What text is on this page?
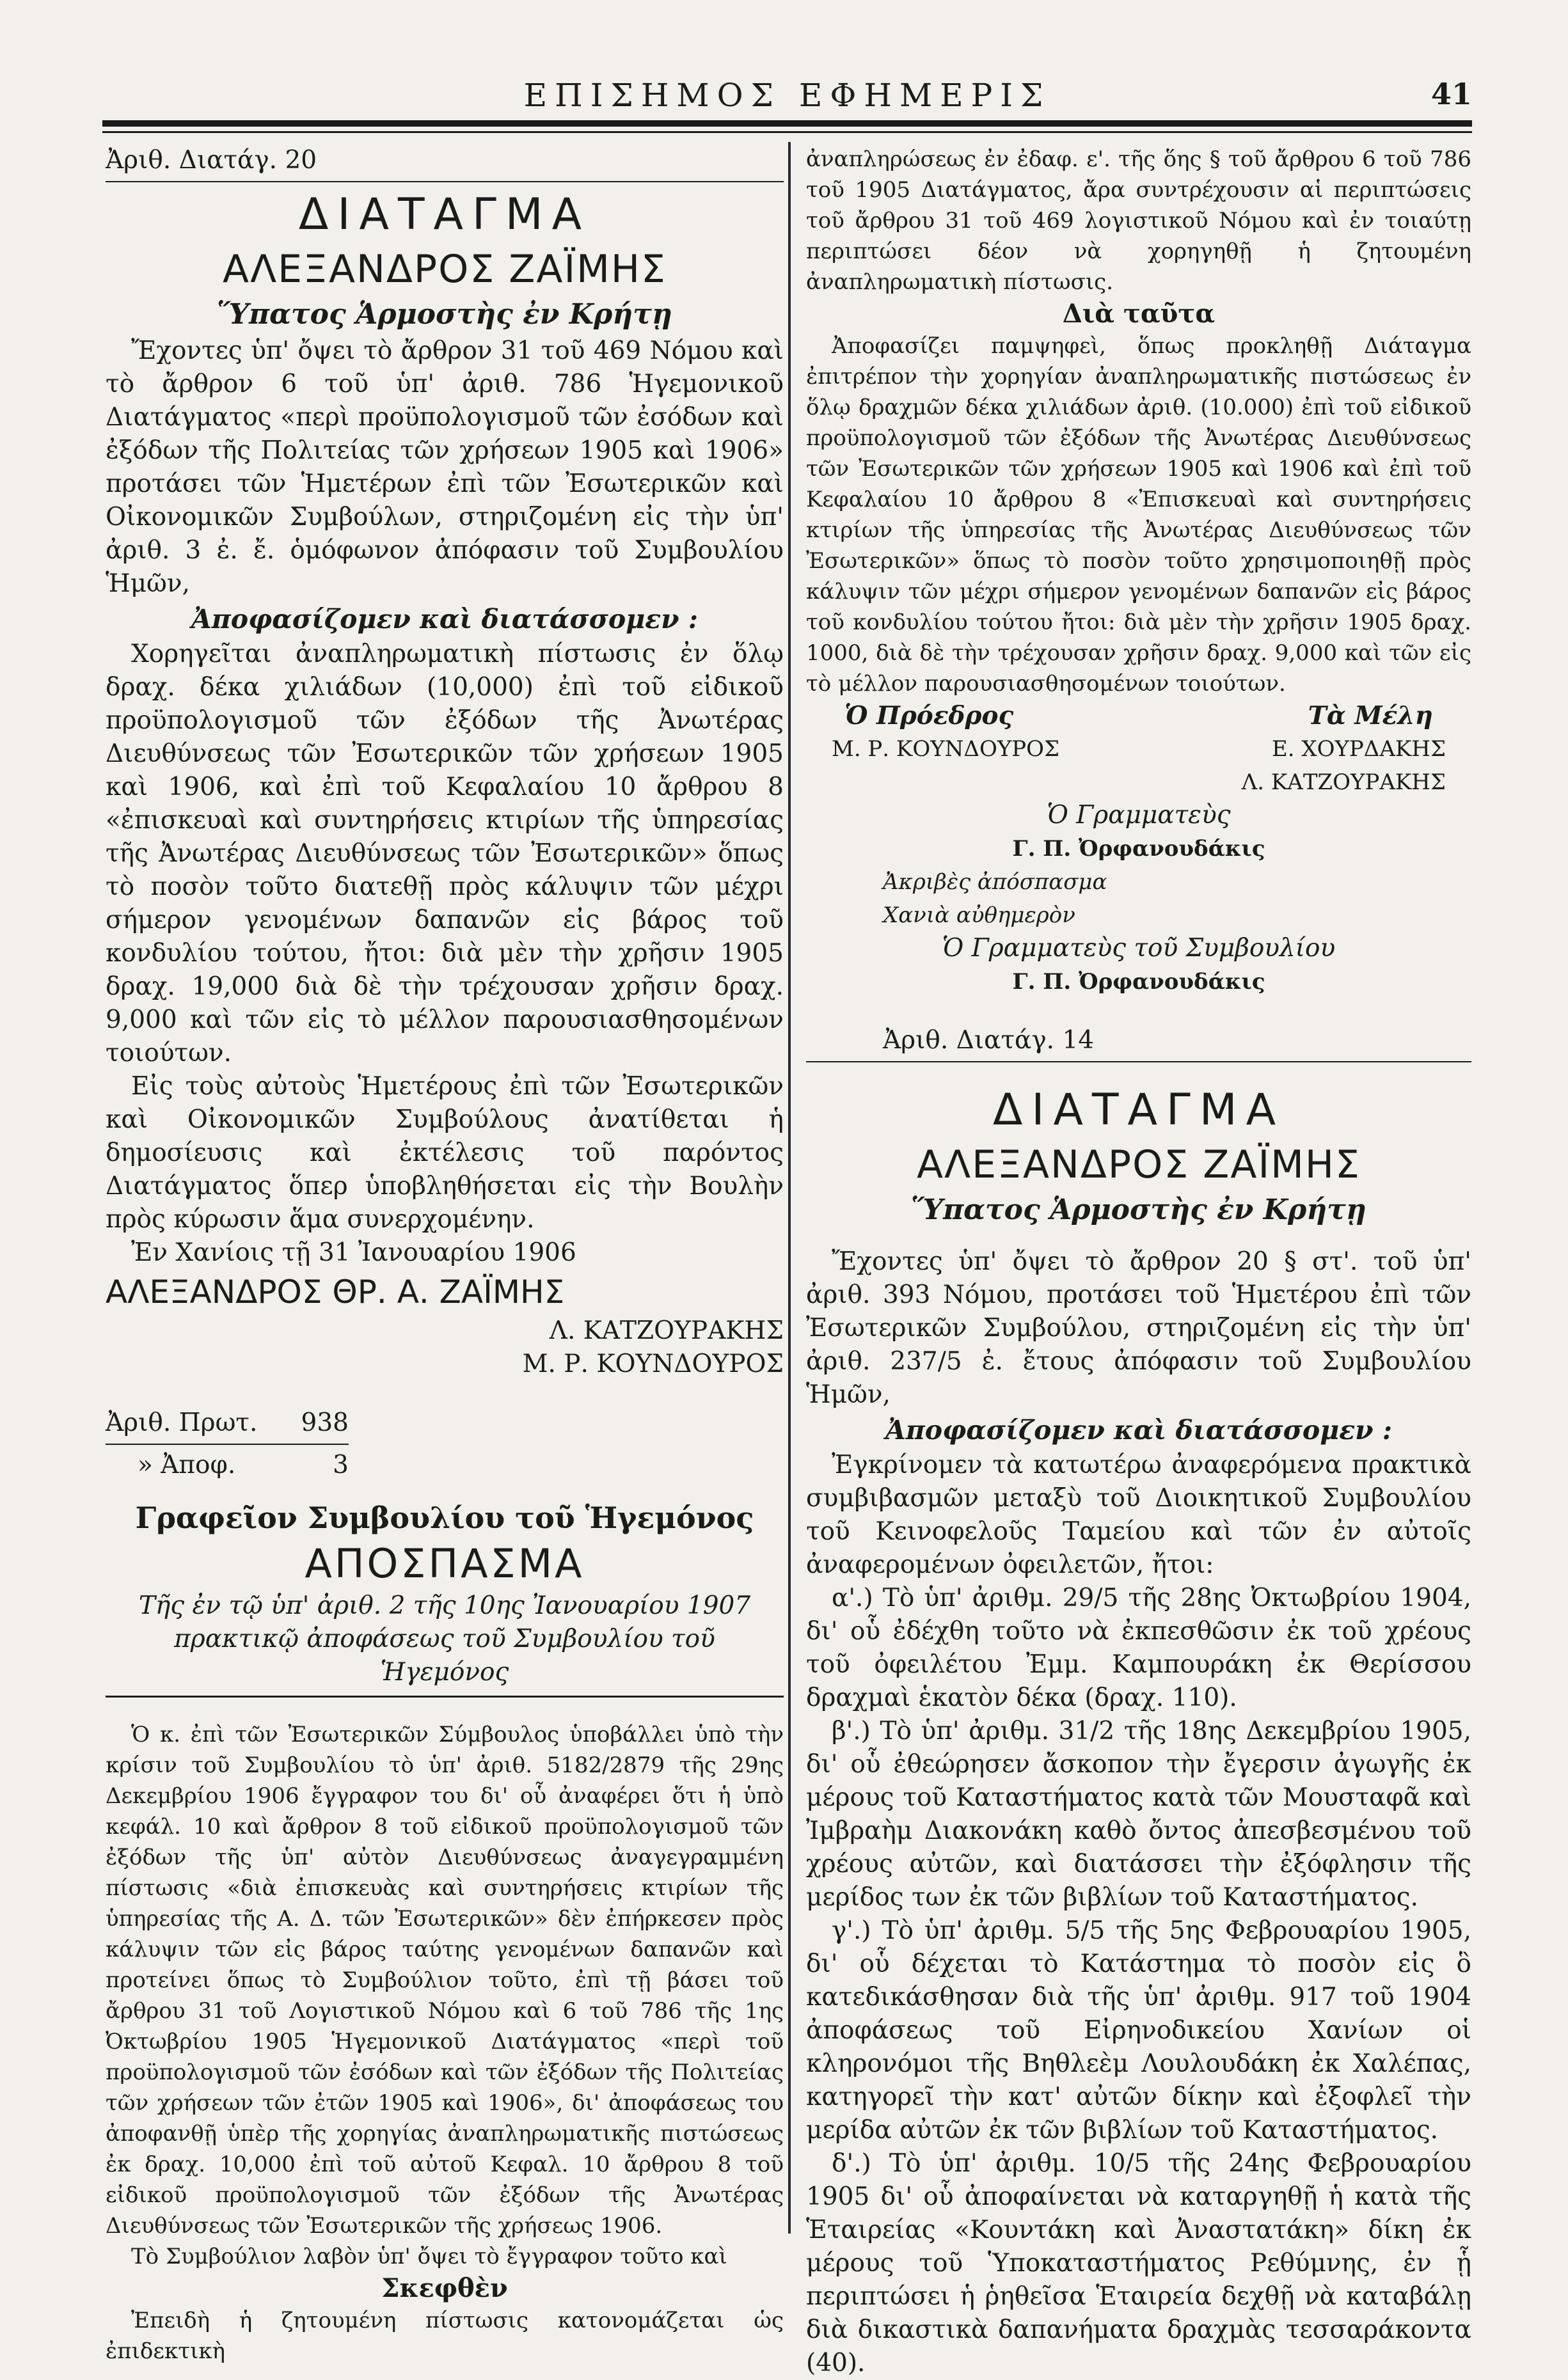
ΕΠΙΣΗΜΟΣ ΕΦΗΜΕΡΙΣ	41

Ἀριθ. Διατάγ. 20

ΔΙΑΤΑΓΜΑ

ΑΛΕΞΑΝΔΡΟΣ ΖΑΪΜΗΣ

Ὕπατος Ἁρμοστὴς ἐν Κρήτῃ

Ἔχοντες ὑπ' ὄψει τὸ ἄρθρον 31 τοῦ 469 Νόμου καὶ τὸ ἄρθρον 6 τοῦ ὑπ' ἀριθ. 786 Ἡγεμονικοῦ Διατάγματος «περὶ προϋπολογισμοῦ τῶν ἐσόδων καὶ ἐξόδων τῆς Πολιτείας τῶν χρήσεων 1905 καὶ 1906» προτάσει τῶν Ἡμετέρων ἐπὶ τῶν Ἐσωτερικῶν καὶ Οἰκονομικῶν Συμβούλων, στηριζομένη εἰς τὴν ὑπ' ἀριθ. 3 ἐ. ἔ. ὁμόφωνον ἀπόφασιν τοῦ Συμβουλίου Ἡμῶν,

Ἀποφασίζομεν καὶ διατάσσομεν :

Χορηγεῖται ἀναπληρωματικὴ πίστωσις ἐν ὅλῳ δραχ. δέκα χιλιάδων (10,000) ἐπὶ τοῦ εἰδικοῦ προϋπολογισμοῦ τῶν ἐξόδων τῆς Ἀνωτέρας Διευθύνσεως τῶν Ἐσωτερικῶν τῶν χρήσεων 1905 καὶ 1906, καὶ ἐπὶ τοῦ Κεφαλαίου 10 ἄρθρου 8 «ἐπισκευαὶ καὶ συντηρήσεις κτιρίων τῆς ὑπηρεσίας τῆς Ἀνωτέρας Διευθύνσεως τῶν Ἐσωτερικῶν» ὅπως τὸ ποσὸν τοῦτο διατεθῇ πρὸς κάλυψιν τῶν μέχρι σήμερον γενομένων δαπανῶν εἰς βάρος τοῦ κονδυλίου τούτου, ἤτοι: διὰ μὲν τὴν χρῆσιν 1905 δραχ. 19,000 διὰ δὲ τὴν τρέχουσαν χρῆσιν δραχ. 9,000 καὶ τῶν εἰς τὸ μέλλον παρουσιασθησομένων τοιούτων.

Εἰς τοὺς αὐτοὺς Ἡμετέρους ἐπὶ τῶν Ἐσωτερικῶν καὶ Οἰκονομικῶν Συμβούλους ἀνατίθεται ἡ δημοσίευσις καὶ ἐκτέλεσις τοῦ παρόντος Διατάγματος ὅπερ ὑποβληθήσεται εἰς τὴν Βουλὴν πρὸς κύρωσιν ἅμα συνερχομένην.

Ἐν Χανίοις τῇ 31 Ἰανουαρίου 1906

ΑΛΕΞΑΝΔΡΟΣ ΘΡ. Α. ΖΑΪΜΗΣ

Λ. ΚΑΤΖΟΥΡΑΚΗΣ

Μ. Ρ. ΚΟΥΝΔΟΥΡΟΣ

Ἀριθ. Πρωτ. 938
» Ἀποφ.	3

Γραφεῖον Συμβουλίου τοῦ Ἡγεμόνος

ΑΠΟΣΠΑΣΜΑ

Τῆς ἐν τῷ ὑπ' ἀριθ. 2 τῆς 10ης Ἰανουαρίου 1907 πρακτικῷ ἀποφάσεως τοῦ Συμβουλίου τοῦ Ἡγεμόνος

Ὁ κ. ἐπὶ τῶν Ἐσωτερικῶν Σύμβουλος ὑποβάλλει ὑπὸ τὴν κρίσιν τοῦ Συμβουλίου τὸ ὑπ' ἀριθ. 5182/2879 τῆς 29ης Δεκεμβρίου 1906 ἔγγραφον του δι' οὗ ἀναφέρει ὅτι ἡ ὑπὸ κεφάλ. 10 καὶ ἄρθρον 8 τοῦ εἰδικοῦ προϋπολογισμοῦ τῶν ἐξόδων τῆς ὑπ' αὐτὸν Διευθύνσεως ἀναγεγραμμένη πίστωσις «διὰ ἐπισκευὰς καὶ συντηρήσεις κτιρίων τῆς ὑπηρεσίας τῆς Α. Δ. τῶν Ἐσωτερικῶν» δὲν ἐπήρκεσεν πρὸς κάλυψιν τῶν εἰς βάρος ταύτης γενομένων δαπανῶν καὶ προτείνει ὅπως τὸ Συμβούλιον τοῦτο, ἐπὶ τῇ βάσει τοῦ ἄρθρου 31 τοῦ Λογιστικοῦ Νόμου καὶ 6 τοῦ 786 τῆς 1ης Ὀκτωβρίου 1905 Ἡγεμονικοῦ Διατάγματος «περὶ τοῦ προϋπολογισμοῦ τῶν ἐσόδων καὶ τῶν ἐξόδων τῆς Πολιτείας τῶν χρήσεων τῶν ἐτῶν 1905 καὶ 1906», δι' ἀποφάσεως του ἀποφανθῇ ὑπὲρ τῆς χορηγίας ἀναπληρωματικῆς πιστώσεως ἐκ δραχ. 10,000 ἐπὶ τοῦ αὐτοῦ Κεφαλ. 10 ἄρθρου 8 τοῦ εἰδικοῦ προϋπολογισμοῦ τῶν ἐξόδων τῆς Ἀνωτέρας Διευθύνσεως τῶν Ἐσωτερικῶν τῆς χρήσεως 1906.

Τὸ Συμβούλιον λαβὸν ὑπ' ὄψει τὸ ἔγγραφον τοῦτο καὶ

Σκεφθὲν

Ἐπειδὴ ἡ ζητουμένη πίστωσις κατονομάζεται ὡς ἐπιδεκτικὴ

ἀναπληρώσεως ἐν ἐδαφ. ε'. τῆς ὅης § τοῦ ἄρθρου 6 τοῦ 786 τοῦ 1905 Διατάγματος, ἄρα συντρέχουσιν αἱ περιπτώσεις τοῦ ἄρθρου 31 τοῦ 469 λογιστικοῦ Νόμου καὶ ἐν τοιαύτῃ περιπτώσει δέον νὰ χορηγηθῇ ἡ ζητουμένη ἀναπληρωματικὴ πίστωσις.

Διὰ ταῦτα

Ἀποφασίζει παμψηφεὶ, ὅπως προκληθῇ Διάταγμα ἐπιτρέπον τὴν χορηγίαν ἀναπληρωματικῆς πιστώσεως ἐν ὅλῳ δραχμῶν δέκα χιλιάδων ἀριθ. (10.000) ἐπὶ τοῦ εἰδικοῦ προϋπολογισμοῦ τῶν ἐξόδων τῆς Ἀνωτέρας Διευθύνσεως τῶν Ἐσωτερικῶν τῶν χρήσεων 1905 καὶ 1906 καὶ ἐπὶ τοῦ Κεφαλαίου 10 ἄρθρου 8 «Ἐπισκευαὶ καὶ συντηρήσεις κτιρίων τῆς ὑπηρεσίας τῆς Ἀνωτέρας Διευθύνσεως τῶν Ἐσωτερικῶν» ὅπως τὸ ποσὸν τοῦτο χρησιμοποιηθῇ πρὸς κάλυψιν τῶν μέχρι σήμερον γενομένων δαπανῶν εἰς βάρος τοῦ κονδυλίου τούτου ἤτοι: διὰ μὲν τὴν χρῆσιν 1905 δραχ. 1000, διὰ δὲ τὴν τρέχουσαν χρῆσιν δραχ. 9,000 καὶ τῶν εἰς τὸ μέλλον παρουσιασθησομένων τοιούτων.

Ὁ Πρόεδρος	Τὰ Μέλη
Μ. Ρ. ΚΟΥΝΔΟΥΡΟΣ	Ε. ΧΟΥΡΔΑΚΗΣ

Λ. ΚΑΤΖΟΥΡΑΚΗΣ

Ὁ Γραμματεὺς

Γ. Π. Ὀρφανουδάκις

Ἀκριβὲς ἀπόσπασμα

Χανιὰ αὐθημερὸν

Ὁ Γραμματεὺς τοῦ Συμβουλίου

Γ. Π. Ὀρφανουδάκις

Ἀριθ. Διατάγ. 14

ΔΙΑΤΑΓΜΑ

ΑΛΕΞΑΝΔΡΟΣ ΖΑΪΜΗΣ

Ὕπατος Ἁρμοστὴς ἐν Κρήτῃ

Ἔχοντες ὑπ' ὄψει τὸ ἄρθρον 20 § στ'. τοῦ ὑπ' ἀριθ. 393 Νόμου, προτάσει τοῦ Ἡμετέρου ἐπὶ τῶν Ἐσωτερικῶν Συμβούλου, στηριζομένη εἰς τὴν ὑπ' ἀριθ. 237/5 ἐ. ἔτους ἀπόφασιν τοῦ Συμβουλίου Ἡμῶν,

Ἀποφασίζομεν καὶ διατάσσομεν :

Ἐγκρίνομεν τὰ κατωτέρω ἀναφερόμενα πρακτικὰ συμβιβασμῶν μεταξὺ τοῦ Διοικητικοῦ Συμβουλίου τοῦ Κεινοφελοῦς Ταμείου καὶ τῶν ἐν αὐτοῖς ἀναφερομένων ὀφειλετῶν, ἤτοι:

α'.) Τὸ ὑπ' ἀριθμ. 29/5 τῆς 28ης Ὀκτωβρίου 1904, δι' οὗ ἐδέχθη τοῦτο νὰ ἐκπεσθῶσιν ἐκ τοῦ χρέους τοῦ ὀφειλέτου Ἐμμ. Καμπουράκη ἐκ Θερίσσου δραχμαὶ ἑκατὸν δέκα (δραχ. 110).

β'.) Τὸ ὑπ' ἀριθμ. 31/2 τῆς 18ης Δεκεμβρίου 1905, δι' οὗ ἐθεώρησεν ἄσκοπον τὴν ἔγερσιν ἀγωγῆς ἐκ μέρους τοῦ Καταστήματος κατὰ τῶν Μουσταφᾶ καὶ Ἰμβραὴμ Διακονάκη καθὸ ὄντος ἀπεσβεσμένου τοῦ χρέους αὐτῶν, καὶ διατάσσει τὴν ἐξόφλησιν τῆς μερίδος των ἐκ τῶν βιβλίων τοῦ Καταστήματος.

γ'.) Τὸ ὑπ' ἀριθμ. 5/5 τῆς 5ης Φεβρουαρίου 1905, δι' οὗ δέχεται τὸ Κατάστημα τὸ ποσὸν εἰς ὃ κατεδικάσθησαν διὰ τῆς ὑπ' ἀριθμ. 917 τοῦ 1904 ἀποφάσεως τοῦ Εἰρηνοδικείου Χανίων οἱ κληρονόμοι τῆς Βηθλεὲμ Λουλουδάκη ἐκ Χαλέπας, κατηγορεῖ τὴν κατ' αὐτῶν δίκην καὶ ἐξοφλεῖ τὴν μερίδα αὐτῶν ἐκ τῶν βιβλίων τοῦ Καταστήματος.

δ'.) Τὸ ὑπ' ἀριθμ. 10/5 τῆς 24ης Φεβρουαρίου 1905 δι' οὗ ἀποφαίνεται νὰ καταργηθῇ ἡ κατὰ τῆς Ἑταιρείας «Κουντάκη καὶ Ἀναστατάκη» δίκη ἐκ μέρους τοῦ Ὑποκαταστήματος Ρεθύμνης, ἐν ᾗ περιπτώσει ἡ ῥηθεῖσα Ἑταιρεία δεχθῇ νὰ καταβάλῃ διὰ δικαστικὰ δαπανήματα δραχμὰς τεσσαράκοντα (40).
